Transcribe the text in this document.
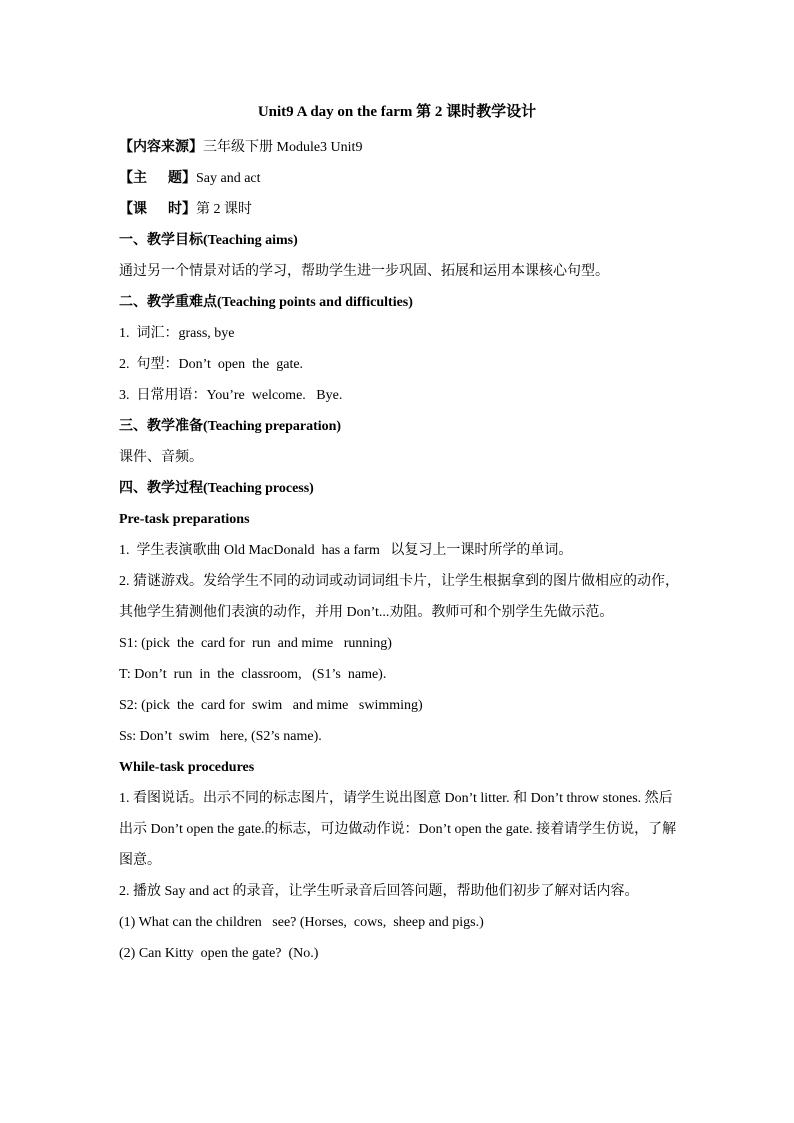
Unit9 A day on the farm 第 2 课时教学设计
【内容来源】三年级下册 Module3 Unit9
【主      题】Say and act
【课      时】第 2 课时
一、教学目标(Teaching aims)
通过另一个情景对话的学习，帮助学生进一步巩固、拓展和运用本课核心句型。
二、教学重难点(Teaching points and difficulties)
1.  词汇：grass, bye
2.  句型：Don’t  open  the  gate.
3.  日常用语：You’re  welcome.   Bye.
三、教学准备(Teaching preparation)
课件、音频。
四、教学过程(Teaching process)
Pre-task preparations
1.  学生表演歌曲 Old MacDonald  has a farm   以复习上一课时所学的单词。
2. 猜谜游戏。发给学生不同的动词或动词词组卡片，让学生根据拿到的图片做相应的动作，其他学生猜测他们表演的动作，并用 Don’t...劝阻。教师可和个别学生先做示范。
S1: (pick  the  card for  run  and mime   running)
T: Don’t  run  in  the  classroom,   (S1’s  name).
S2: (pick  the  card for  swim   and mime   swimming)
Ss: Don’t  swim   here, (S2’s name).
While-task procedures
1. 看图说话。出示不同的标志图片，请学生说出图意 Don’t litter. 和 Don’t throw stones. 然后出示 Don’t open the gate.的标志，可边做动作说：Don’t open the gate. 接着请学生仿说，了解图意。
2. 播放 Say and act 的录音，让学生听录音后回答问题，帮助他们初步了解对话内容。
(1) What can the children   see? (Horses,  cows,  sheep and pigs.)
(2) Can Kitty  open the gate?  (No.)
